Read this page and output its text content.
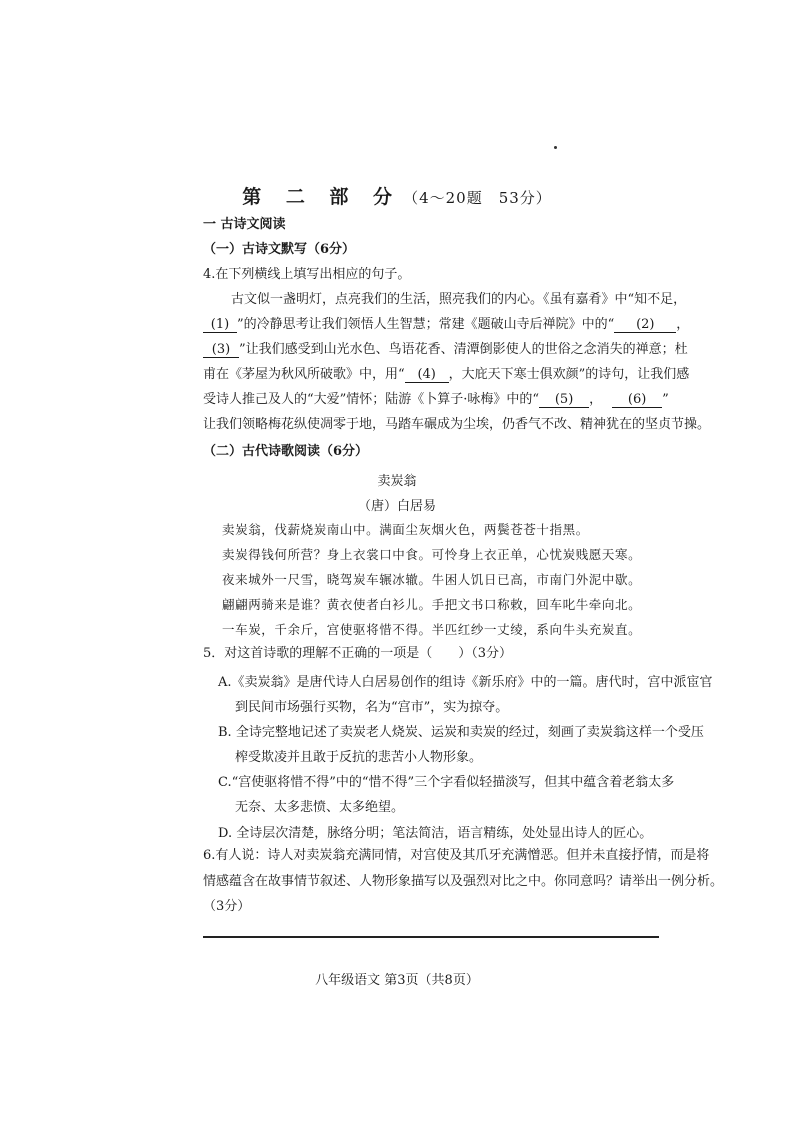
第 二 部 分 （4～20题　53分）
一 古诗文阅读
（一）古诗文默写（6分）
4.在下列横线上填写出相应的句子。
古文似一盏明灯，点亮我们的生活，照亮我们的内心。《虽有嘉肴》中“知不足，
(1) ”的冷静思考让我们领悟人生智慧；常建《题破山寺后禅院》中的“ (2) ，
(3) ”让我们感受到山光水色、鸟语花香、清潭倒影使人的世俗之念消失的禅意；杜
甫在《茅屋为秋风所破歌》中，用“ (4) ，大庇天下寒士俱欢颜”的诗句，让我们感
受诗人推己及人的“大爱”情怀；陆游《卜算子·咏梅》中的“ (5) ， (6) ”
让我们领略梅花纵使凋零于地，马踏车碾成为尘埃，仍香气不改、精神犹在的坚贞节操。
（二）古代诗歌阅读（6分）
卖炭翁
（唐）白居易
卖炭翁，伐薪烧炭南山中。满面尘灰烟火色，两鬓苍苍十指黑。
卖炭得钱何所营？身上衣裳口中食。可怜身上衣正单，心忧炭贱愿天寒。
夜来城外一尺雪，晓驾炭车辗冰辙。牛困人饥日已高，市南门外泥中歇。
翩翩两骑来是谁？黄衣使者白衫儿。手把文书口称敕，回车叱牛牵向北。
一车炭，千余斤，宫使驱将惜不得。半匹红纱一丈绫，系向牛头充炭直。
5．对这首诗歌的理解不正确的一项是（　　）（3分）
A.《卖炭翁》是唐代诗人白居易创作的组诗《新乐府》中的一篇。唐代时，宫中派宦官
到民间市场强行买物，名为“宫市”，实为掠夺。
B. 全诗完整地记述了卖炭老人烧炭、运炭和卖炭的经过，刻画了卖炭翁这样一个受压
榨受欺凌并且敢于反抗的悲苦小人物形象。
C.“宫使驱将惜不得”中的“惜不得”三个字看似轻描淡写，但其中蕴含着老翁太多
无奈、太多悲愤、太多绝望。
D. 全诗层次清楚，脉络分明；笔法简洁，语言精练，处处显出诗人的匠心。
6.有人说：诗人对卖炭翁充满同情，对宫使及其爪牙充满憎恶。但并未直接抒情，而是将
情感蕴含在故事情节叙述、人物形象描写以及强烈对比之中。你同意吗？请举出一例分析。
（3分）
八年级语文 第3页（共8页）
